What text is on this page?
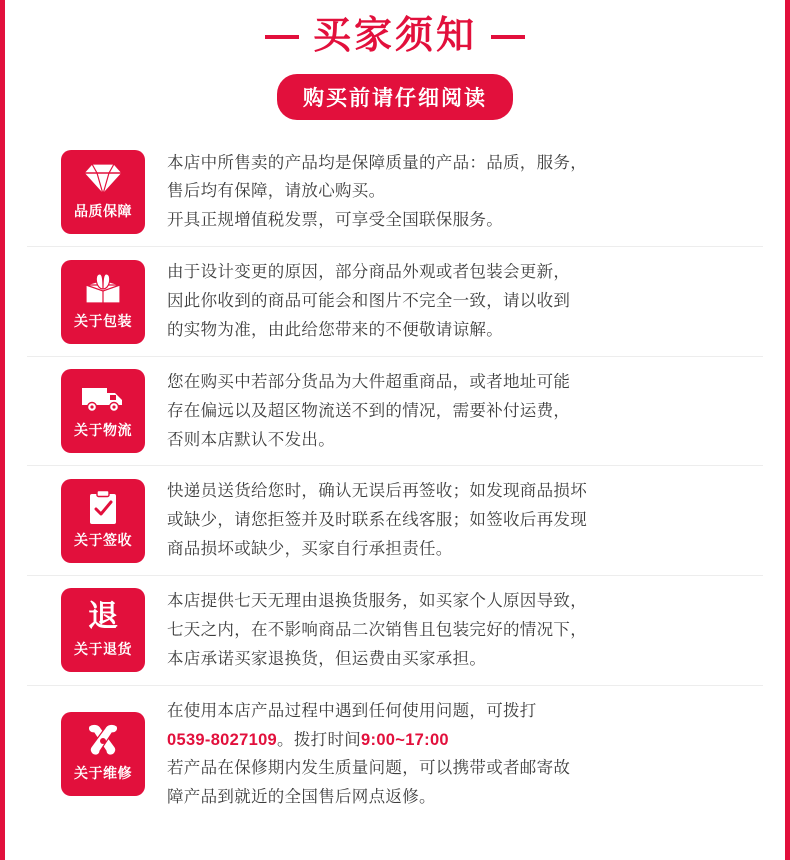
买家须知
购买前请仔细阅读
品质保障

本店中所售卖的产品均是保障质量的产品：品质，服务，

售后均有保障，请放心购买。

开具正规增值税发票，可享受全国联保服务。

关于包装

由于设计变更的原因，部分商品外观或者包装会更新，

因此你收到的商品可能会和图片不完全一致，请以收到

的实物为准，由此给您带来的不便敬请谅解。

关于物流

您在购买中若部分货品为大件超重商品，或者地址可能

存在偏远以及超区物流送不到的情况，需要补付运费，

否则本店默认不发出。

关于签收

快递员送货给您时，确认无误后再签收；如发现商品损坏

或缺少，请您拒签并及时联系在线客服；如签收后再发现

商品损坏或缺少，买家自行承担责任。

退
关于退货

本店提供七天无理由退换货服务，如买家个人原因导致，

七天之内，在不影响商品二次销售且包装完好的情况下，

本店承诺买家退换货，但运费由买家承担。

关于维修

在使用本店产品过程中遇到任何使用问题，可拨打

0539-8027109。拨打时间9:00~17:00

若产品在保修期内发生质量问题，可以携带或者邮寄故

障产品到就近的全国售后网点返修。
